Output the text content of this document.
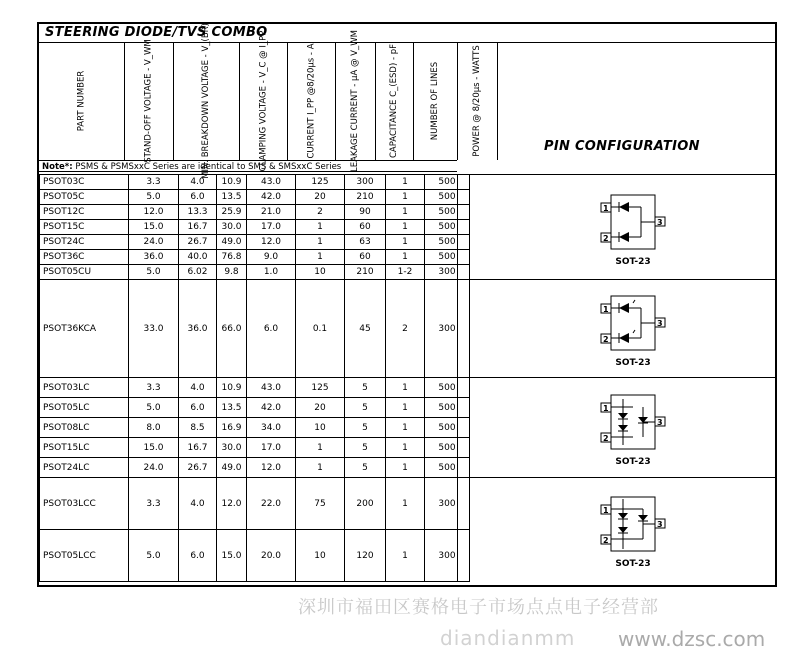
STEERING DIODE/TVS COMBO
PART NUMBER	STAND-OFF VOLTAGE - V_WM	MIN. BREAKDOWN VOLTAGE - V_(BR)	CLAMPING VOLTAGE - V_C @ I_PP	CURRENT I_PP @8/20µs - A	LEAKAGE CURRENT - µA @ V_WM	CAPACITANCE C_(ESD) - pF	NUMBER OF LINES	POWER @ 8/20µs - WATTS	PIN CONFIGURATION
Note*: PSMS & PSMSxxC Series are identical to SMS & SMSxxC Series
PSOT03C	3.3	4.0	10.9	43.0	125	300	1	500
PSOT05C	5.0	6.0	13.5	42.0	20	210	1	500
PSOT12C	12.0	13.3	25.9	21.0	2	90	1	500
PSOT15C	15.0	16.7	30.0	17.0	1	60	1	500
PSOT24C	24.0	26.7	49.0	12.0	1	63	1	500
PSOT36C	36.0	40.0	76.8	9.0	1	60	1	500
PSOT05CU	5.0	6.02	9.8	1.0	10	210	1-2	300
PSOT36KCA	33.0	36.0	66.0	6.0	0.1	45	2	300
PSOT03LC	3.3	4.0	10.9	43.0	125	5	1	500
PSOT05LC	5.0	6.0	13.5	42.0	20	5	1	500
PSOT08LC	8.0	8.5	16.9	34.0	10	5	1	500
PSOT15LC	15.0	16.7	30.0	17.0	1	5	1	500
PSOT24LC	24.0	26.7	49.0	12.0	1	5	1	500
PSOT03LCC	3.3	4.0	12.0	22.0	75	200	1	300
PSOT05LCC	5.0	6.0	15.0	20.0	10	120	1	300
1
2
3
SOT-23
1
2
3
SOT-23
1
2
3
SOT-23
1
2
3
SOT-23
深圳市福田区赛格电子市场点点电子经营部
diandianmm www.dzsc.com
